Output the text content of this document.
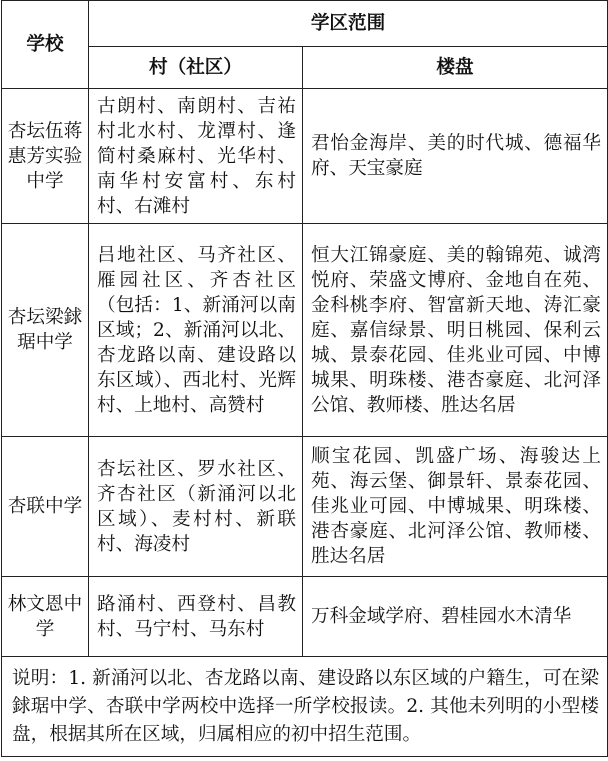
学校	学区范围	
	村（社区）	楼盘
杏坛伍蒋惠芳实验中学	古朗村、南朗村、吉祐村北水村、龙潭村、逢简村桑麻村、光华村、南华村安富村、东村村、右滩村	君怡金海岸、美的时代城、德福华府、天宝豪庭
杏坛梁銶琚中学	吕地社区、马齐社区、雁园社区、齐杏社区（包括：1、新涌河以南区域；2、新涌河以北、杏龙路以南、建设路以东区域）、西北村、光辉村、上地村、高赞村	恒大江锦豪庭、美的翰锦苑、诚湾悦府、荣盛文博府、金地自在苑、金科桃李府、智富新天地、涛汇豪庭、嘉信绿景、明日桃园、保利云城、景泰花园、佳兆业可园、中博城果、明珠楼、港杏豪庭、北河泽公馆、教师楼、胜达名居
杏联中学	杏坛社区、罗水社区、齐杏社区（新涌河以北区域）、麦村村、新联村、海凌村	顺宝花园、凯盛广场、海骏达上苑、海云堡、御景轩、景泰花园、佳兆业可园、中博城果、明珠楼、港杏豪庭、北河泽公馆、教师楼、胜达名居
林文恩中学	路涌村、西登村、昌教村、马宁村、马东村	万科金域学府、碧桂园水木清华
说明：1. 新涌河以北、杏龙路以南、建设路以东区域的户籍生，可在梁銶琚中学、杏联中学两校中选择一所学校报读。2. 其他未列明的小型楼盘，根据其所在区域，归属相应的初中招生范围。		
